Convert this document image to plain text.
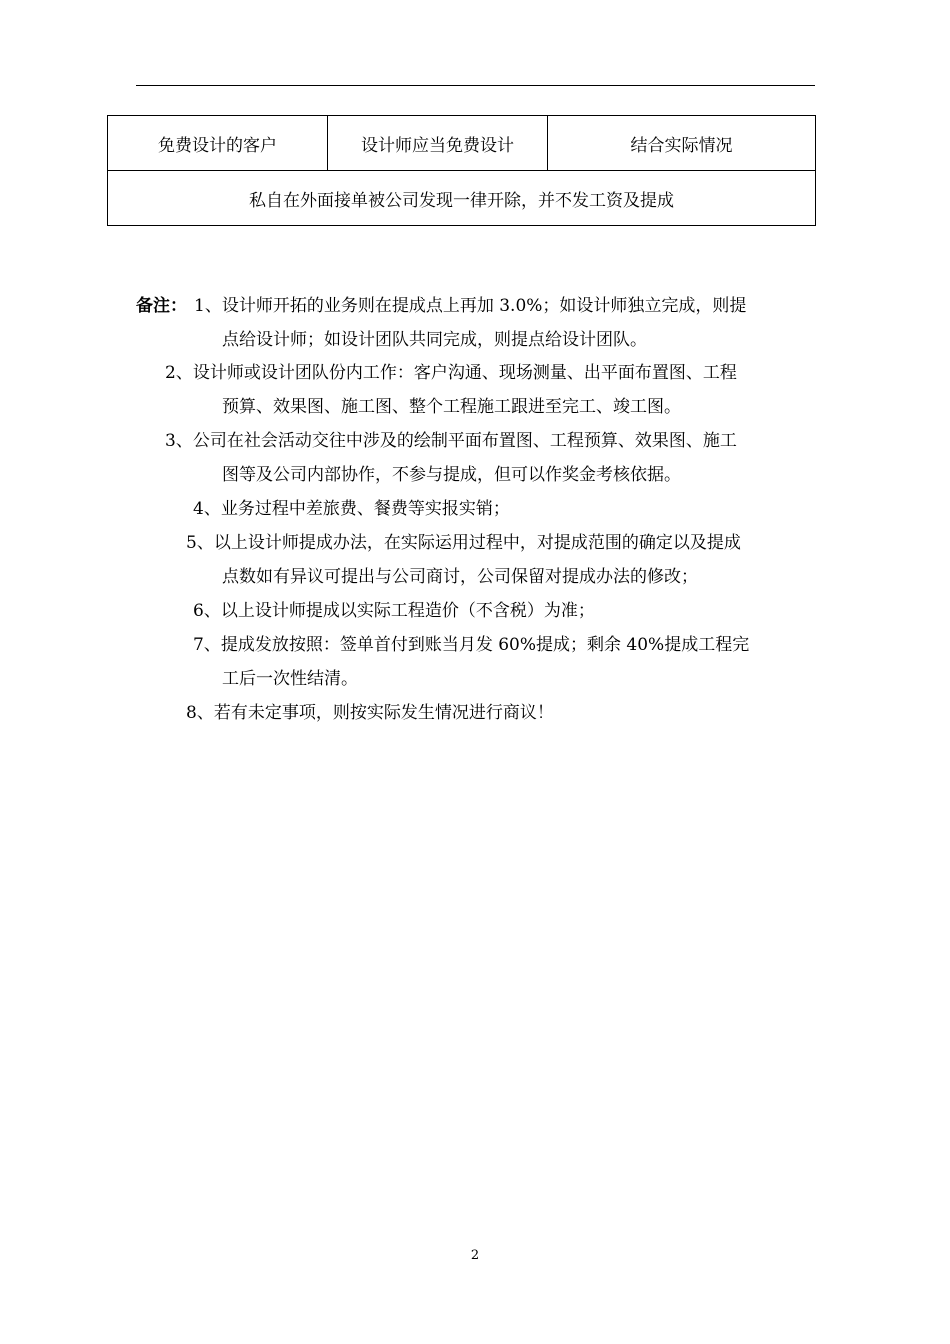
免费设计的客户	设计师应当免费设计	结合实际情况
私自在外面接单被公司发现一律开除，并不发工资及提成
备注： 1、设计师开拓的业务则在提成点上再加 3.0%；如设计师独立完成，则提
点给设计师；如设计团队共同完成，则提点给设计团队。
2、设计师或设计团队份内工作：客户沟通、现场测量、出平面布置图、工程
预算、效果图、施工图、整个工程施工跟进至完工、竣工图。
3、公司在社会活动交往中涉及的绘制平面布置图、工程预算、效果图、施工
图等及公司内部协作，不参与提成，但可以作奖金考核依据。
4、业务过程中差旅费、餐费等实报实销；
5、以上设计师提成办法，在实际运用过程中，对提成范围的确定以及提成
点数如有异议可提出与公司商讨，公司保留对提成办法的修改；
6、以上设计师提成以实际工程造价（不含税）为准；
7、提成发放按照：签单首付到账当月发 60%提成；剩余 40%提成工程完
工后一次性结清。
8、若有未定事项，则按实际发生情况进行商议！
2
